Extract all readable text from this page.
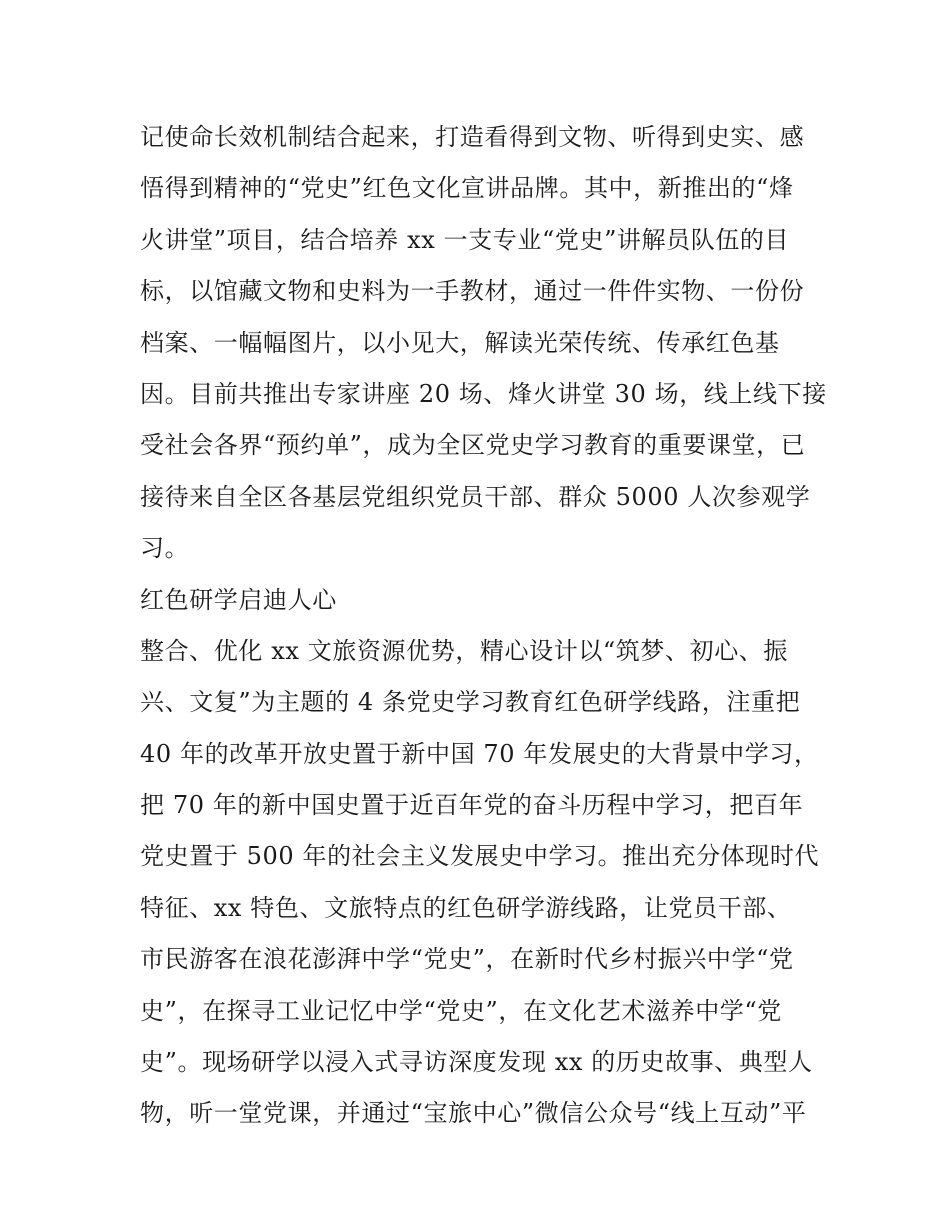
记使命长效机制结合起来，打造看得到文物、听得到史实、感
悟得到精神的“党史”红色文化宣讲品牌。其中，新推出的“烽
火讲堂”项目，结合培养 xx 一支专业“党史”讲解员队伍的目
标，以馆藏文物和史料为一手教材，通过一件件实物、一份份
档案、一幅幅图片，以小见大，解读光荣传统、传承红色基
因。目前共推出专家讲座 20 场、烽火讲堂 30 场，线上线下接
受社会各界“预约单”，成为全区党史学习教育的重要课堂，已
接待来自全区各基层党组织党员干部、群众 5000 人次参观学
习。
红色研学启迪人心
整合、优化 xx 文旅资源优势，精心设计以“筑梦、初心、振
兴、文复”为主题的 4 条党史学习教育红色研学线路，注重把
40 年的改革开放史置于新中国 70 年发展史的大背景中学习，
把 70 年的新中国史置于近百年党的奋斗历程中学习，把百年
党史置于 500 年的社会主义发展史中学习。推出充分体现时代
特征、xx 特色、文旅特点的红色研学游线路，让党员干部、
市民游客在浪花澎湃中学“党史”，在新时代乡村振兴中学“党
史”，在探寻工业记忆中学“党史”，在文化艺术滋养中学“党
史”。现场研学以浸入式寻访深度发现 xx 的历史故事、典型人
物，听一堂党课，并通过“宝旅中心”微信公众号“线上互动”平
